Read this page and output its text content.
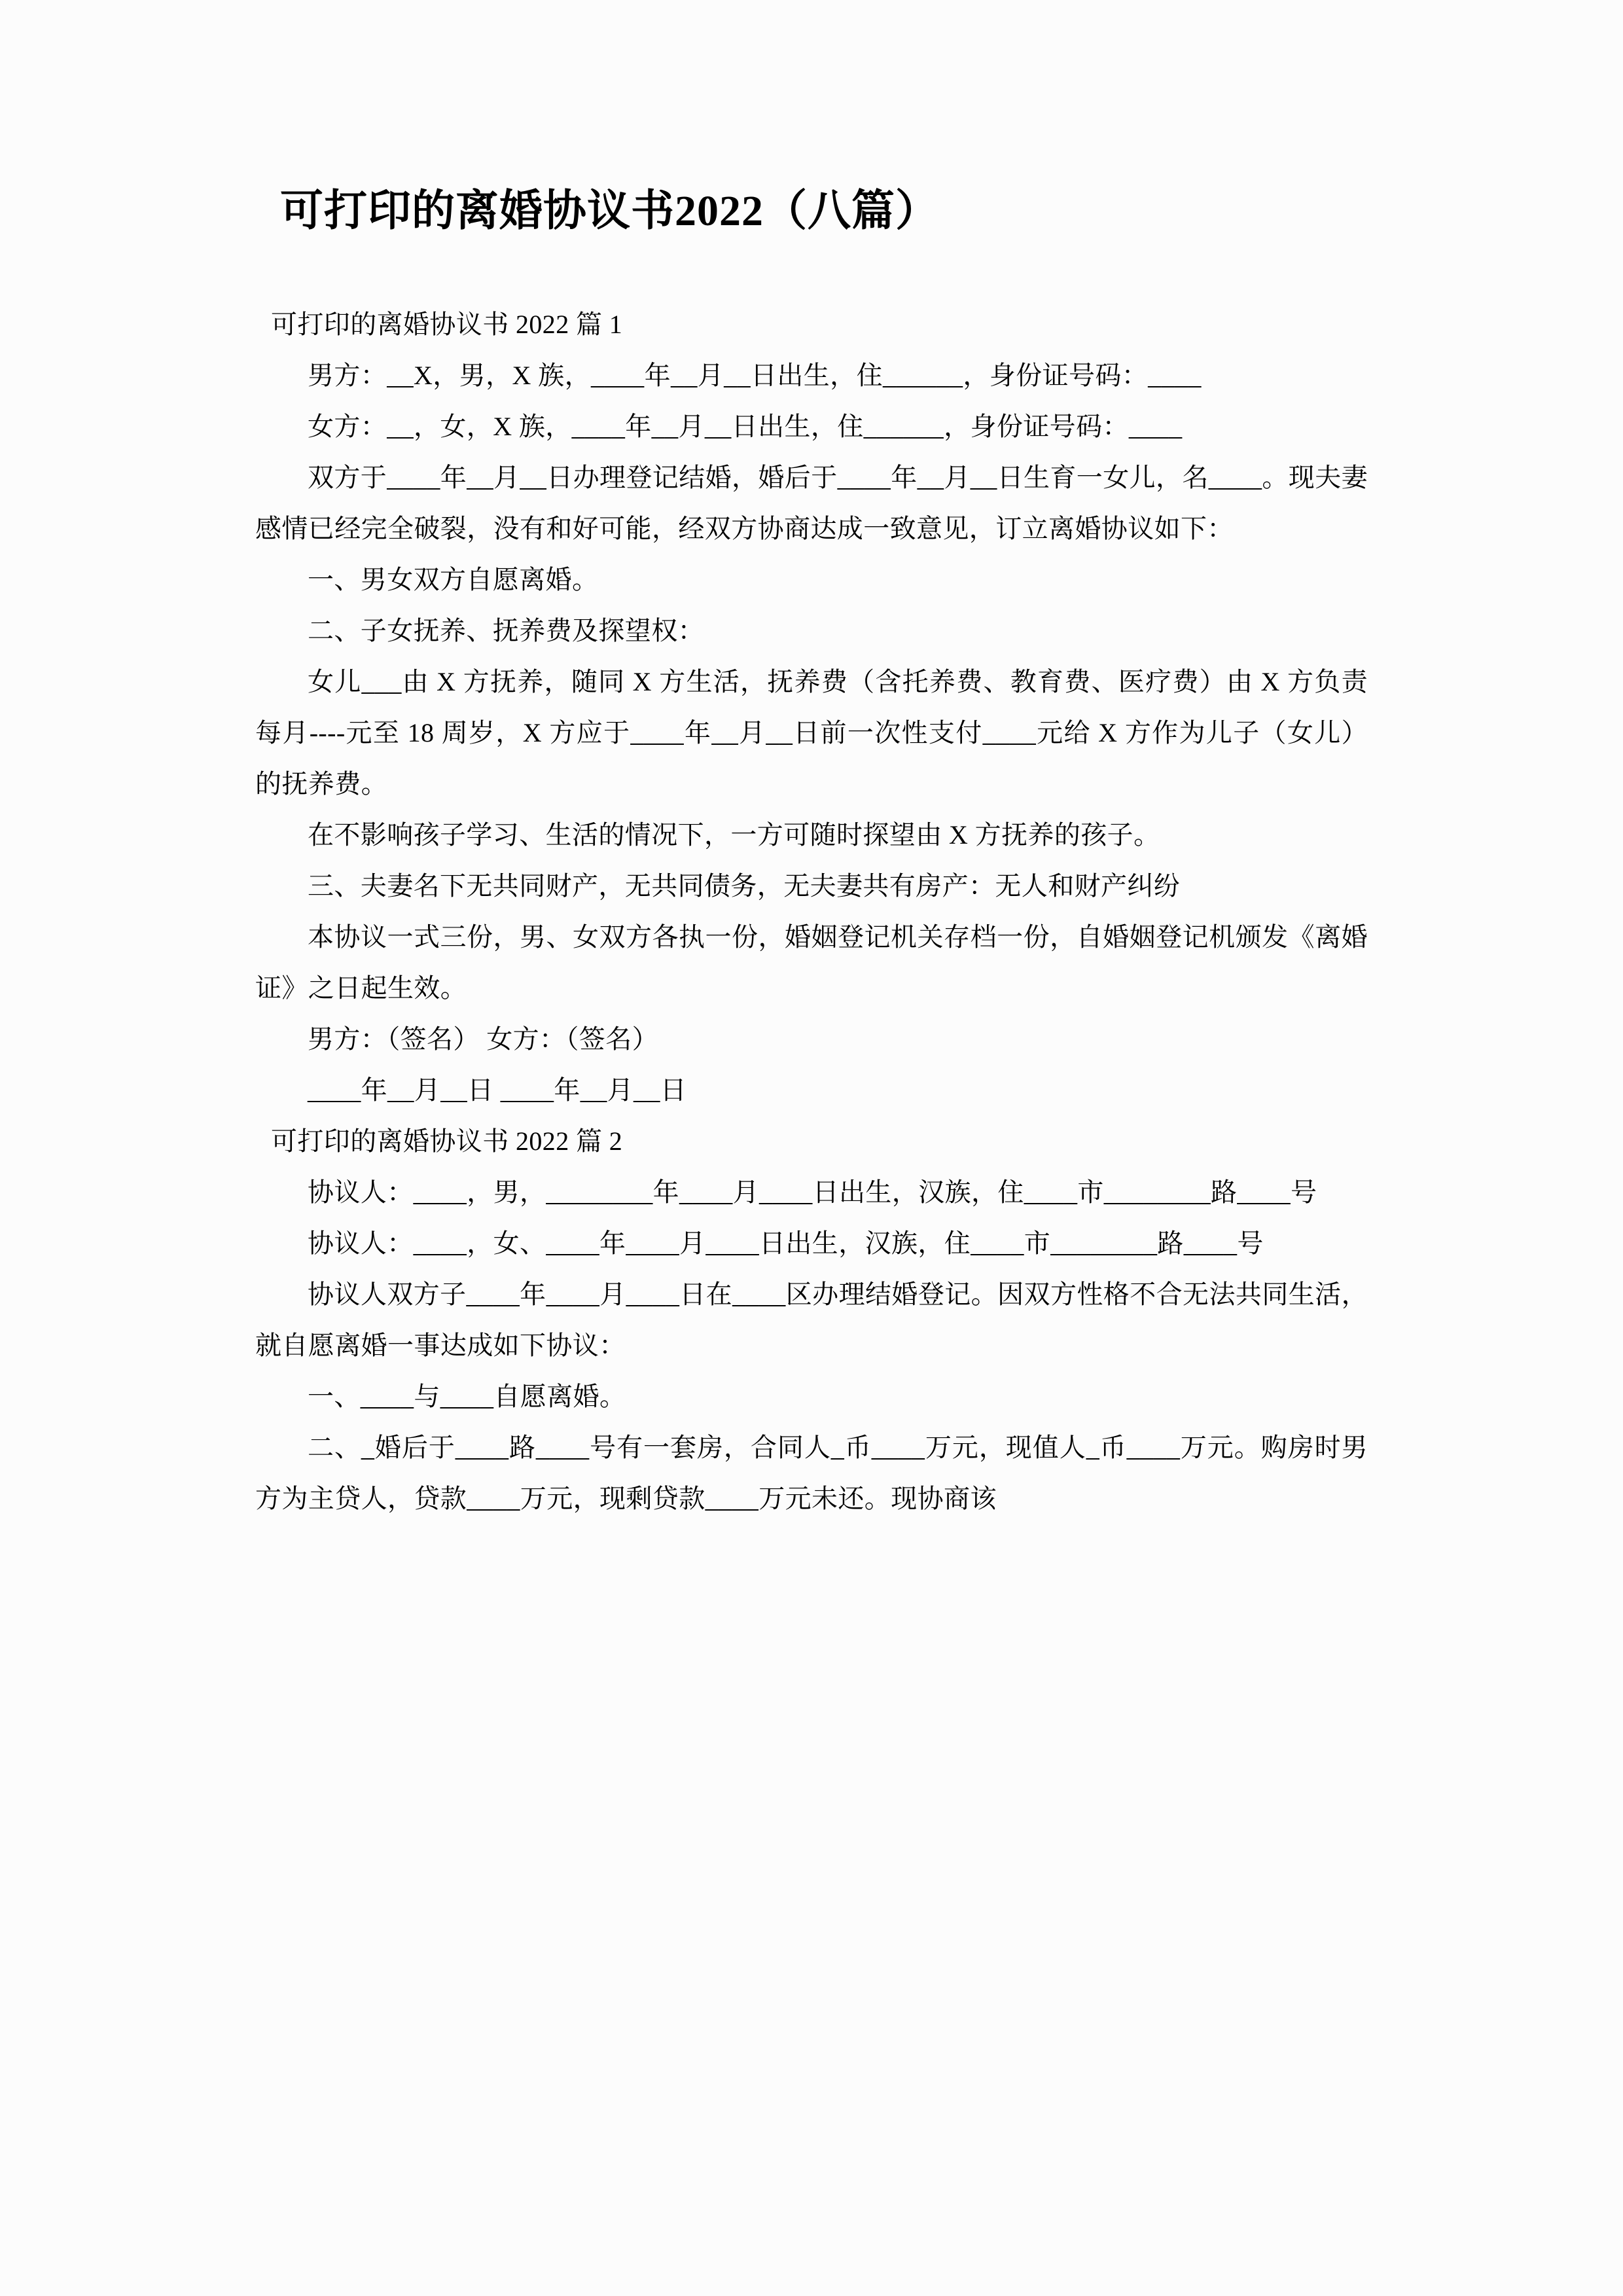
可打印的离婚协议书2022（八篇）

可打印的离婚协议书 2022 篇 1

男方：__X，男，X 族，____年__月__日出生，住______，身份证号码：____

女方：__，女，X 族，____年__月__日出生，住______，身份证号码：____

双方于____年__月__日办理登记结婚，婚后于____年__月__日生育一女儿，名____。现夫妻感情已经完全破裂，没有和好可能，经双方协商达成一致意见，订立离婚协议如下：

一、男女双方自愿离婚。

二、子女抚养、抚养费及探望权：

女儿___由 X 方抚养，随同 X 方生活，抚养费（含托养费、教育费、医疗费）由 X 方负责每月----元至 18 周岁，X 方应于____年__月__日前一次性支付____元给 X 方作为儿子（女儿）的抚养费。

在不影响孩子学习、生活的情况下，一方可随时探望由 X 方抚养的孩子。

三、夫妻名下无共同财产，无共同债务，无夫妻共有房产：无人和财产纠纷

本协议一式三份，男、女双方各执一份，婚姻登记机关存档一份，自婚姻登记机颁发《离婚证》之日起生效。

男方：（签名） 女方：（签名）

____年__月__日 ____年__月__日

可打印的离婚协议书 2022 篇 2

协议人：____，男，________年____月____日出生，汉族，住____市________路____号

协议人：____，女、____年____月____日出生，汉族，住____市________路____号

协议人双方子____年____月____日在____区办理结婚登记。因双方性格不合无法共同生活，就自愿离婚一事达成如下协议：

一、____与____自愿离婚。

二、_婚后于____路____号有一套房，合同人_币____万元，现值人_币____万元。购房时男方为主贷人，贷款____万元，现剩贷款____万元未还。现协商该
